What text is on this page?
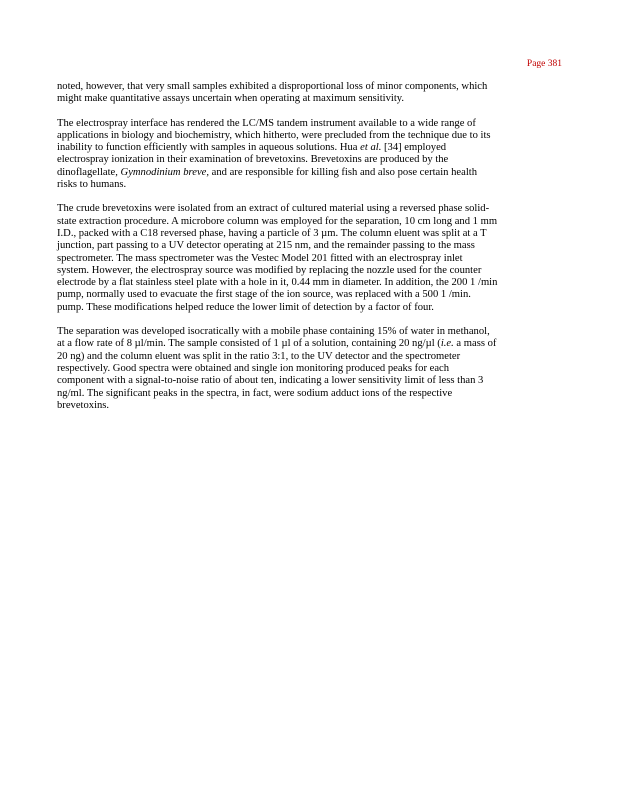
Page 381

noted, however, that very small samples exhibited a disproportional loss of minor components, which
might make quantitative assays uncertain when operating at maximum sensitivity.

The electrospray interface has rendered the LC/MS tandem instrument available to a wide range of
applications in biology and biochemistry, which hitherto, were precluded from the technique due to its
inability to function efficiently with samples in aqueous solutions. Hua et al. [34] employed
electrospray ionization in their examination of brevetoxins. Brevetoxins are produced by the
dinoflagellate, Gymnodinium breve, and are responsible for killing fish and also pose certain health
risks to humans.

The crude brevetoxins were isolated from an extract of cultured material using a reversed phase solid-
state extraction procedure. A microbore column was employed for the separation, 10 cm long and 1 mm
I.D., packed with a C18 reversed phase, having a particle of 3 µm. The column eluent was split at a T
junction, part passing to a UV detector operating at 215 nm, and the remainder passing to the mass
spectrometer. The mass spectrometer was the Vestec Model 201 fitted with an electrospray inlet
system. However, the electrospray source was modified by replacing the nozzle used for the counter
electrode by a flat stainless steel plate with a hole in it, 0.44 mm in diameter. In addition, the 200 1 /min
pump, normally used to evacuate the first stage of the ion source, was replaced with a 500 1 /min.
pump. These modifications helped reduce the lower limit of detection by a factor of four.

The separation was developed isocratically with a mobile phase containing 15% of water in methanol,
at a flow rate of 8 µl/min. The sample consisted of 1 µl of a solution, containing 20 ng/µl (i.e. a mass of
20 ng) and the column eluent was split in the ratio 3:1, to the UV detector and the spectrometer
respectively. Good spectra were obtained and single ion monitoring produced peaks for each
component with a signal-to-noise ratio of about ten, indicating a lower sensitivity limit of less than 3
ng/ml. The significant peaks in the spectra, in fact, were sodium adduct ions of the respective
brevetoxins.
